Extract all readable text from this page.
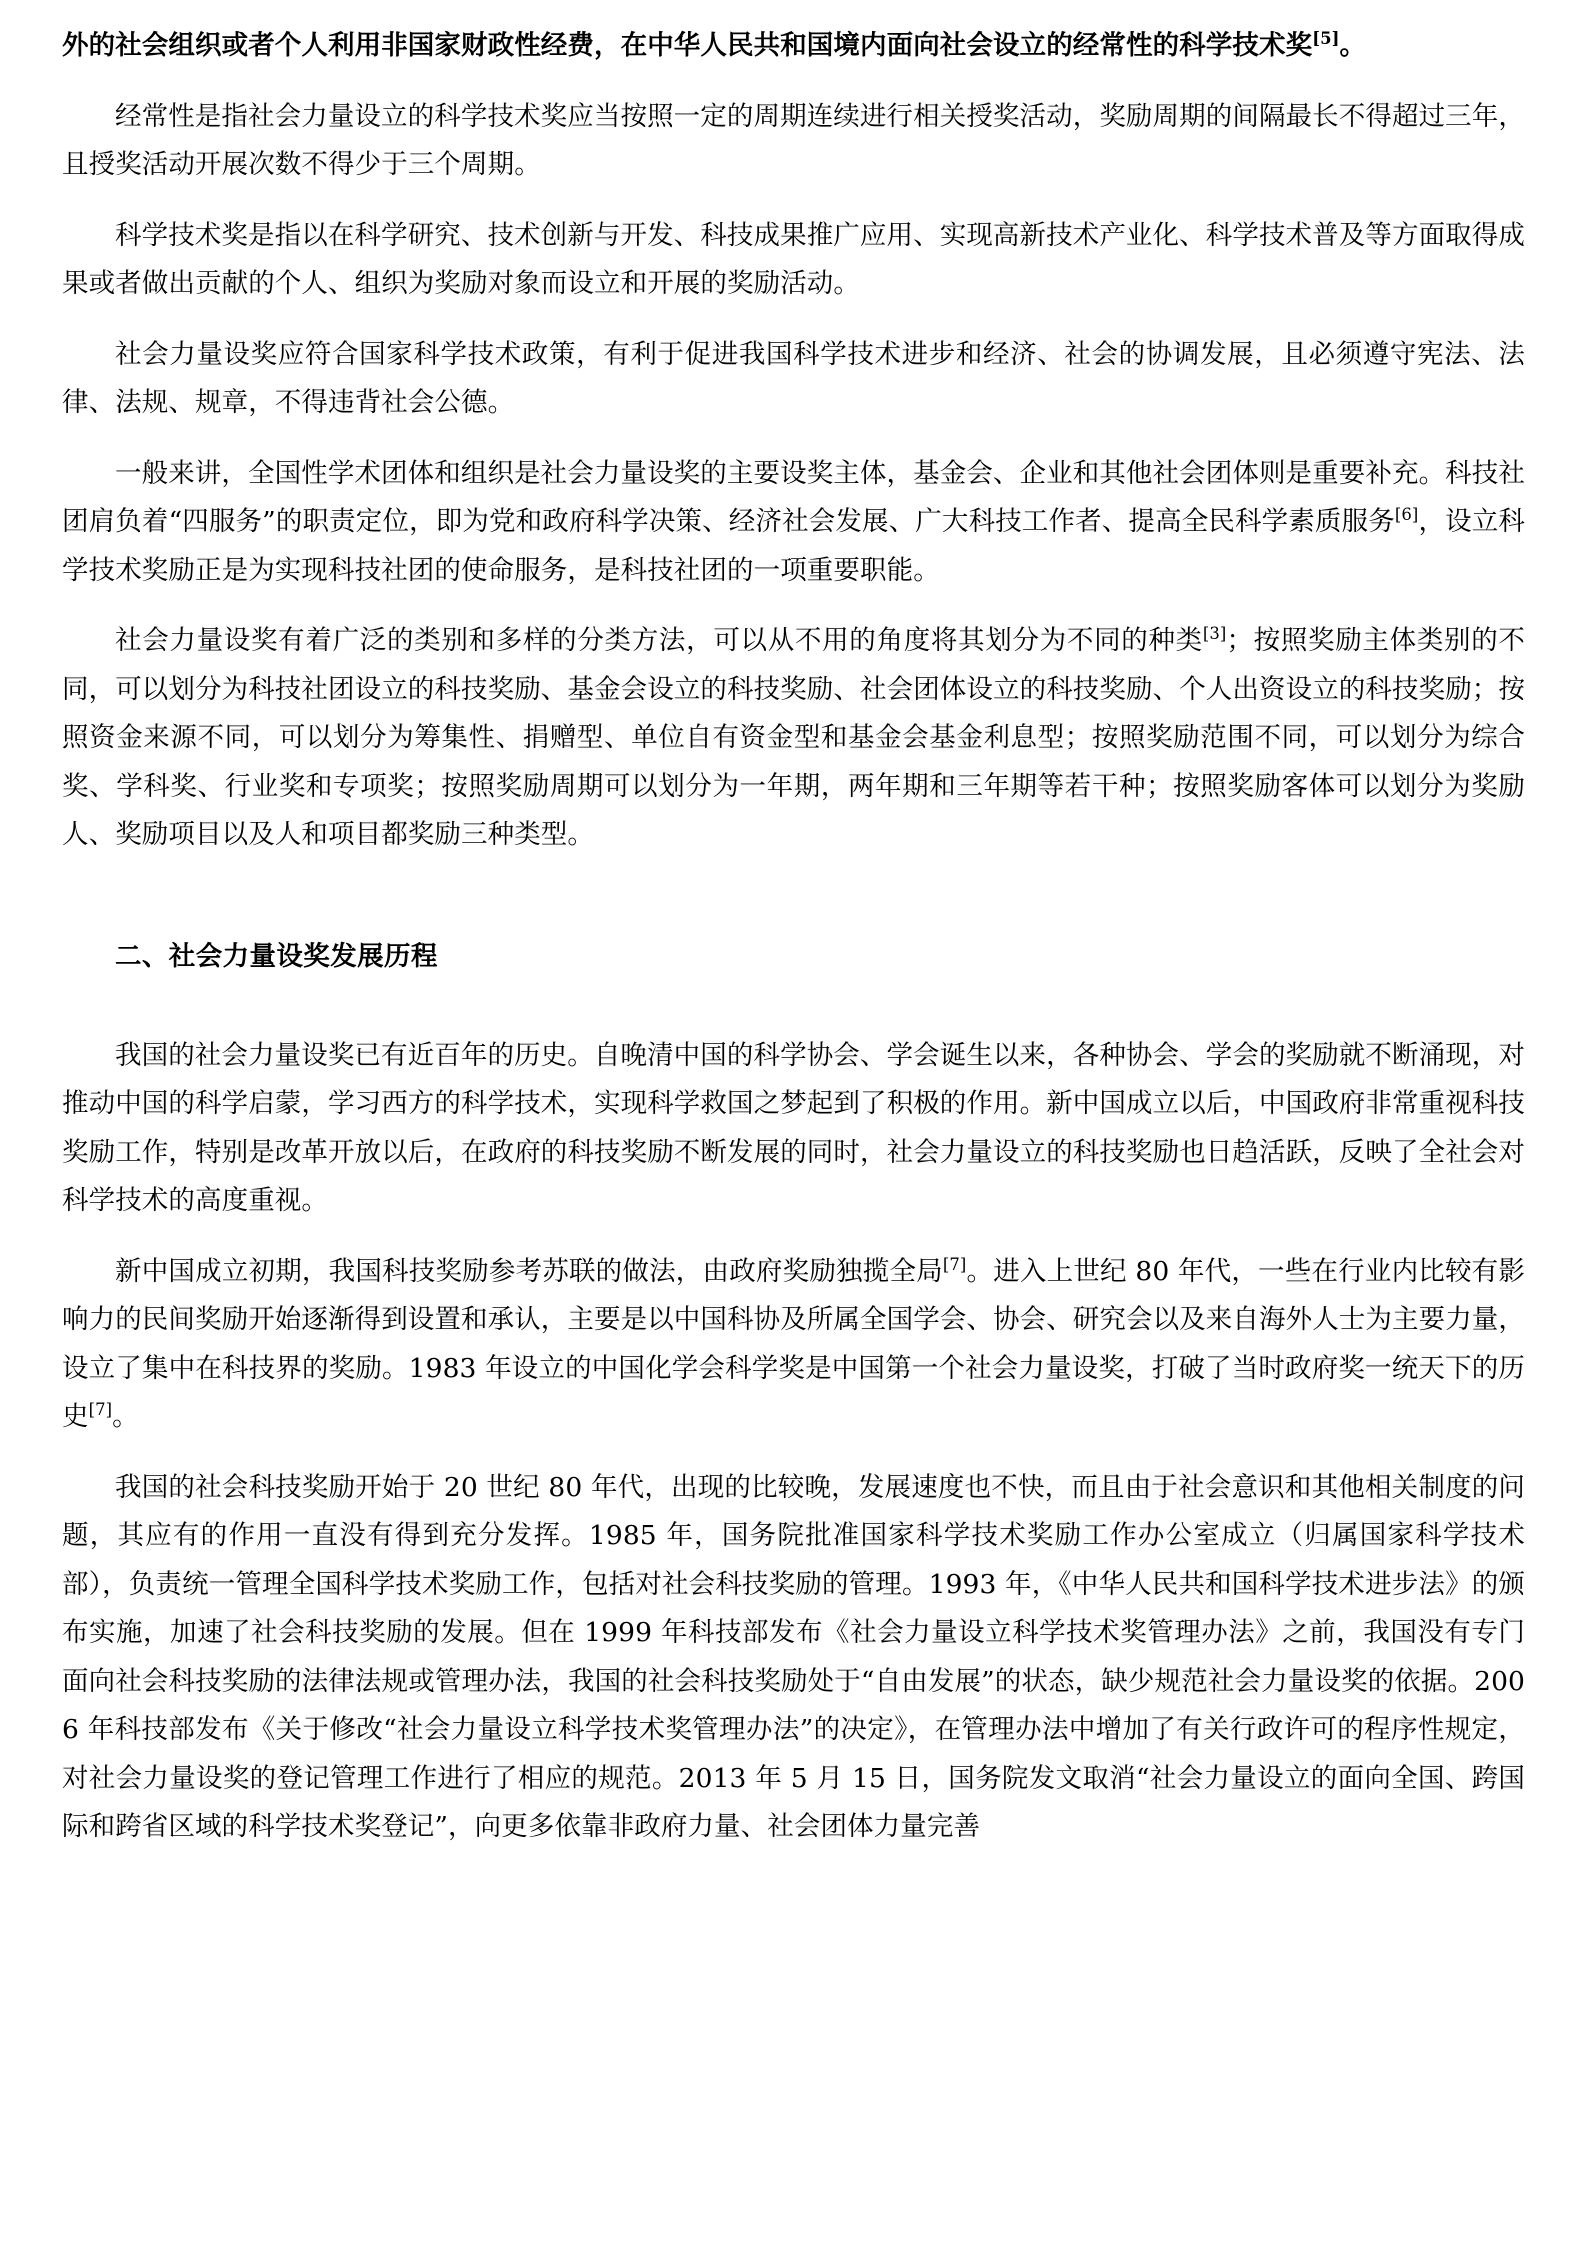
外的社会组织或者个人利用非国家财政性经费，在中华人民共和国境内面向社会设立的经常性的科学技术奖[5]。

经常性是指社会力量设立的科学技术奖应当按照一定的周期连续进行相关授奖活动，奖励周期的间隔最长不得超过三年，且授奖活动开展次数不得少于三个周期。

科学技术奖是指以在科学研究、技术创新与开发、科技成果推广应用、实现高新技术产业化、科学技术普及等方面取得成果或者做出贡献的个人、组织为奖励对象而设立和开展的奖励活动。

社会力量设奖应符合国家科学技术政策，有利于促进我国科学技术进步和经济、社会的协调发展，且必须遵守宪法、法律、法规、规章，不得违背社会公德。

一般来讲，全国性学术团体和组织是社会力量设奖的主要设奖主体，基金会、企业和其他社会团体则是重要补充。科技社团肩负着“四服务”的职责定位，即为党和政府科学决策、经济社会发展、广大科技工作者、提高全民科学素质服务[6]，设立科学技术奖励正是为实现科技社团的使命服务，是科技社团的一项重要职能。

社会力量设奖有着广泛的类别和多样的分类方法，可以从不用的角度将其划分为不同的种类[3]；按照奖励主体类别的不同，可以划分为科技社团设立的科技奖励、基金会设立的科技奖励、社会团体设立的科技奖励、个人出资设立的科技奖励；按照资金来源不同，可以划分为筹集性、捐赠型、单位自有资金型和基金会基金利息型；按照奖励范围不同，可以划分为综合奖、学科奖、行业奖和专项奖；按照奖励周期可以划分为一年期，两年期和三年期等若干种；按照奖励客体可以划分为奖励人、奖励项目以及人和项目都奖励三种类型。

二、社会力量设奖发展历程

我国的社会力量设奖已有近百年的历史。自晚清中国的科学协会、学会诞生以来，各种协会、学会的奖励就不断涌现，对推动中国的科学启蒙，学习西方的科学技术，实现科学救国之梦起到了积极的作用。新中国成立以后，中国政府非常重视科技奖励工作，特别是改革开放以后，在政府的科技奖励不断发展的同时，社会力量设立的科技奖励也日趋活跃，反映了全社会对科学技术的高度重视。

新中国成立初期，我国科技奖励参考苏联的做法，由政府奖励独揽全局[7]。进入上世纪 80 年代，一些在行业内比较有影响力的民间奖励开始逐渐得到设置和承认，主要是以中国科协及所属全国学会、协会、研究会以及来自海外人士为主要力量，设立了集中在科技界的奖励。1983 年设立的中国化学会科学奖是中国第一个社会力量设奖，打破了当时政府奖一统天下的历史[7]。

我国的社会科技奖励开始于 20 世纪 80 年代，出现的比较晚，发展速度也不快，而且由于社会意识和其他相关制度的问题，其应有的作用一直没有得到充分发挥。1985 年，国务院批准国家科学技术奖励工作办公室成立（归属国家科学技术部），负责统一管理全国科学技术奖励工作，包括对社会科技奖励的管理。1993 年，《中华人民共和国科学技术进步法》的颁布实施，加速了社会科技奖励的发展。但在 1999 年科技部发布《社会力量设立科学技术奖管理办法》之前，我国没有专门面向社会科技奖励的法律法规或管理办法，我国的社会科技奖励处于“自由发展”的状态，缺少规范社会力量设奖的依据。2006 年科技部发布《关于修改“社会力量设立科学技术奖管理办法”的决定》，在管理办法中增加了有关行政许可的程序性规定，对社会力量设奖的登记管理工作进行了相应的规范。2013 年 5 月 15 日，国务院发文取消“社会力量设立的面向全国、跨国际和跨省区域的科学技术奖登记”，向更多依靠非政府力量、社会团体力量完善
